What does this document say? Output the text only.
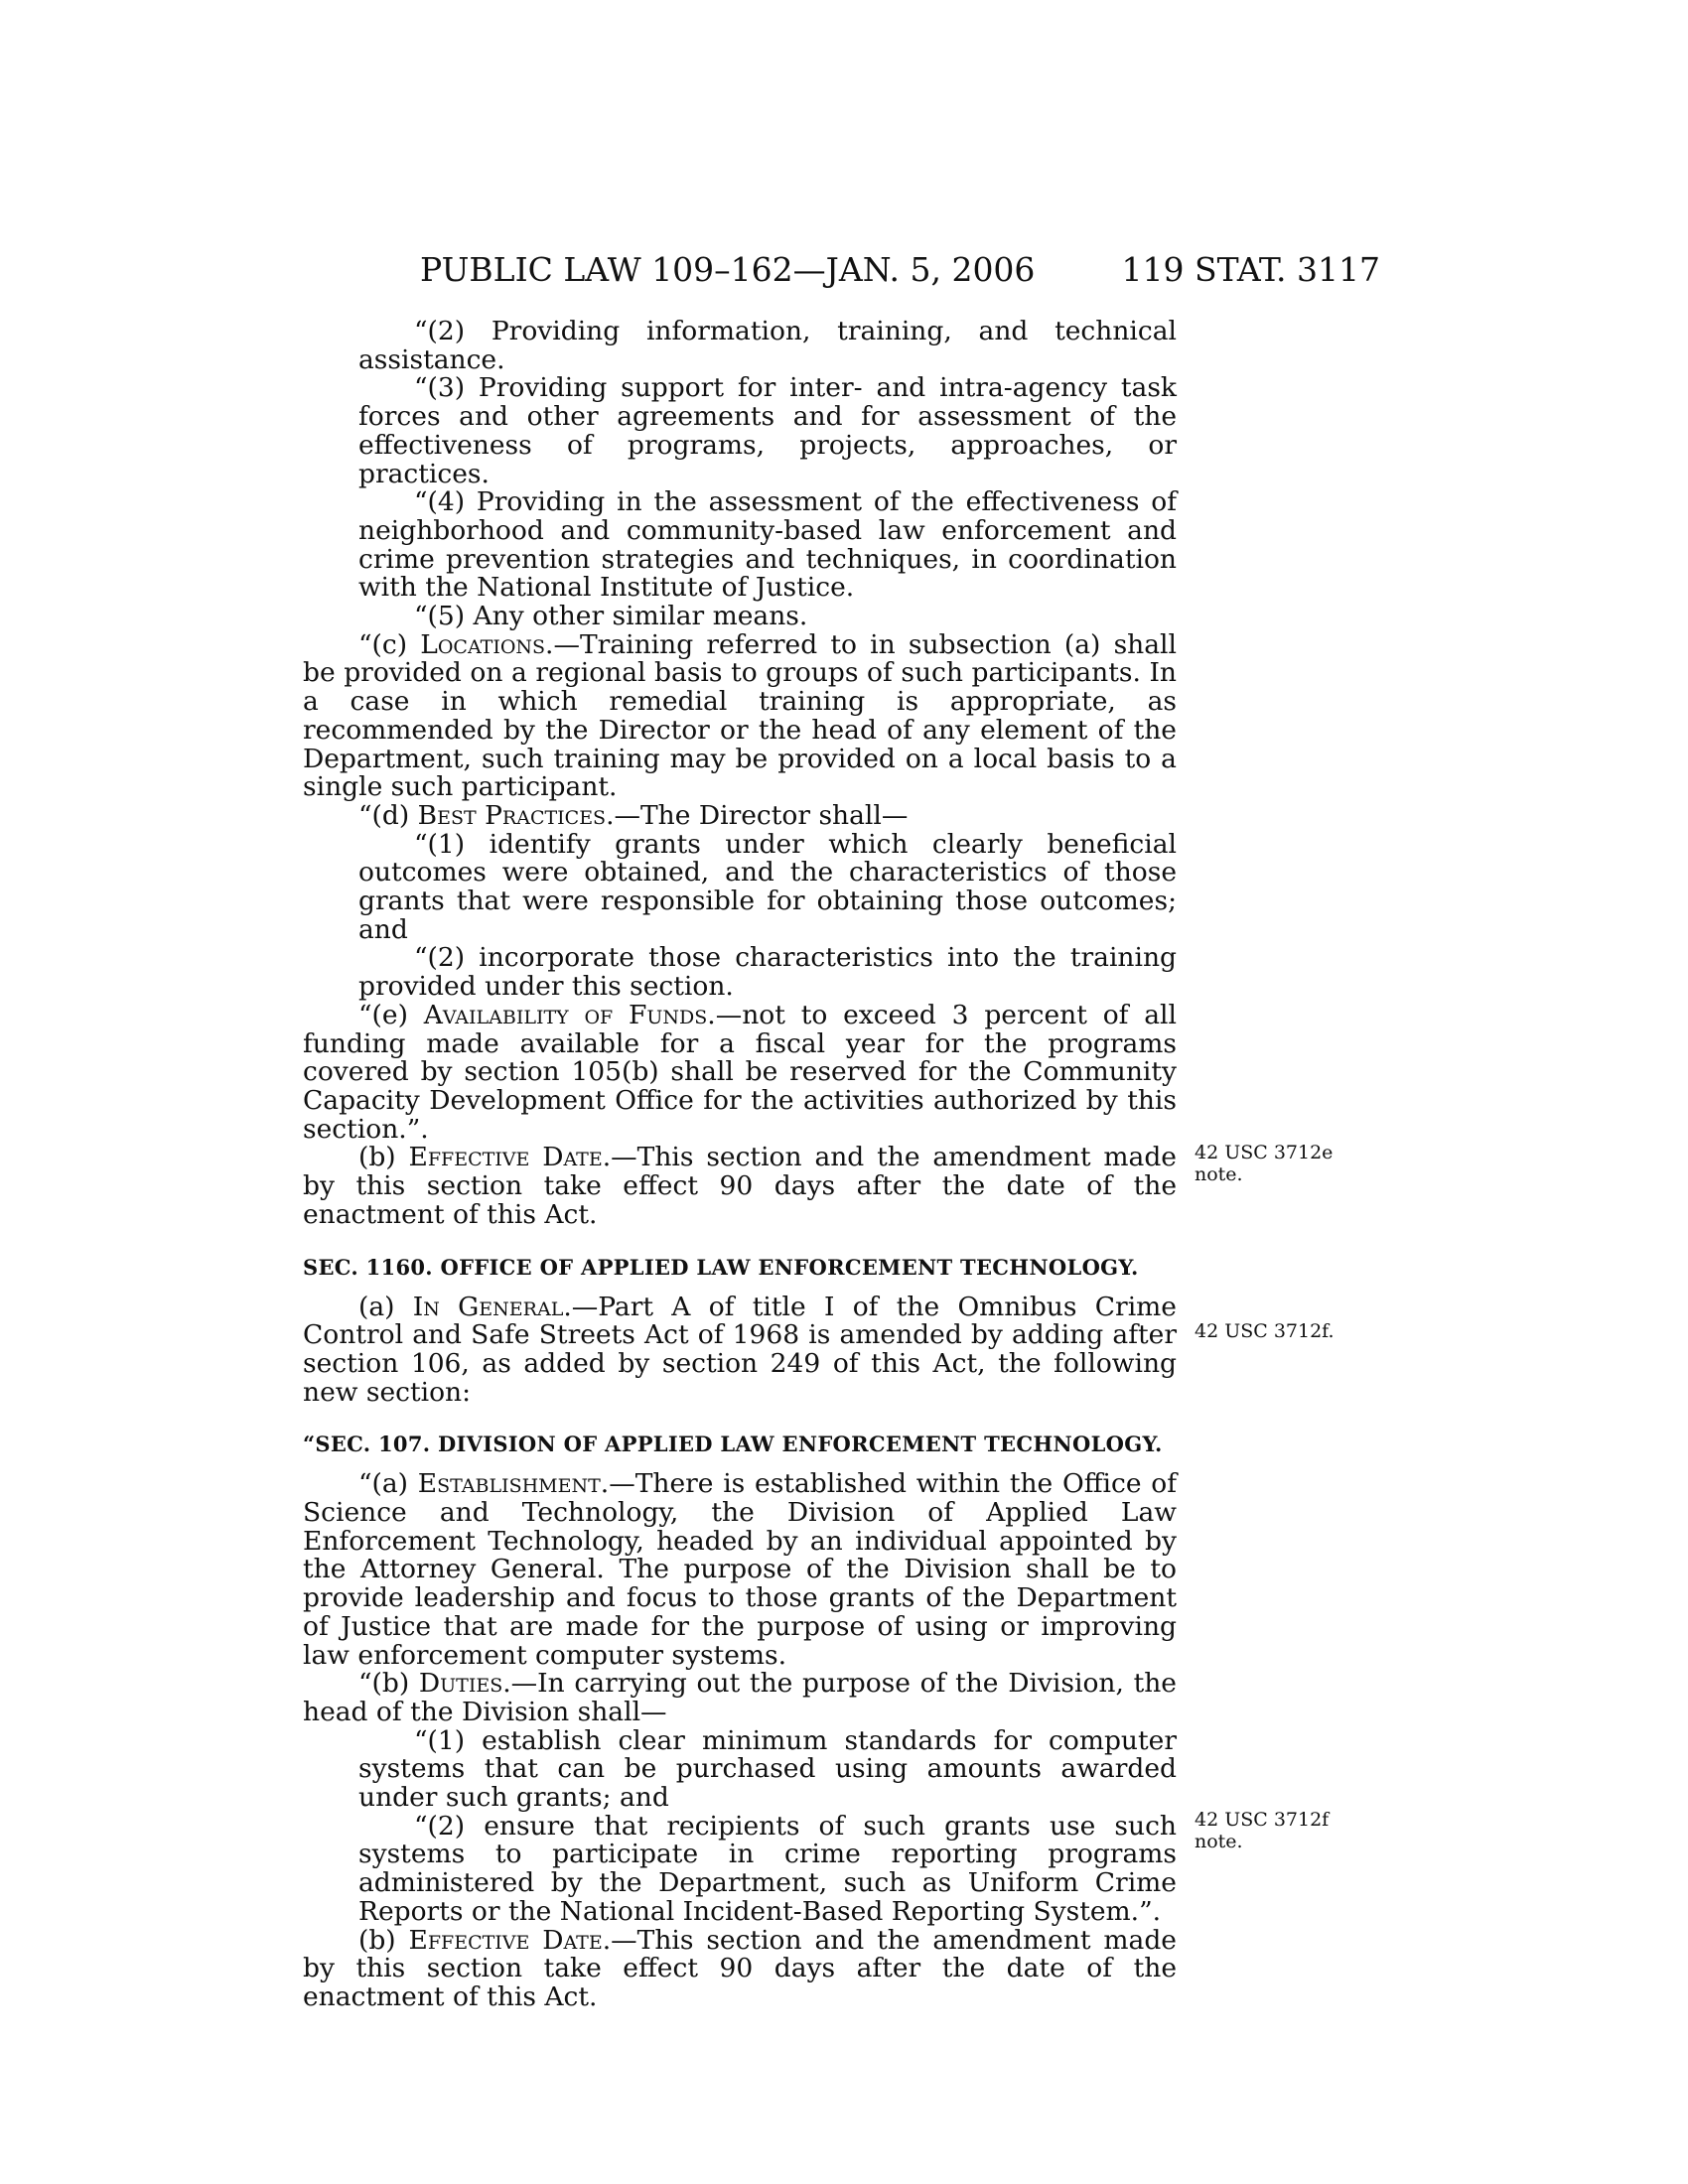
PUBLIC LAW 109–162—JAN. 5, 2006	119 STAT. 3117

“(2) Providing information, training, and technical assistance.

“(3) Providing support for inter- and intra-agency task forces and other agreements and for assessment of the effectiveness of programs, projects, approaches, or practices.

“(4) Providing in the assessment of the effectiveness of neighborhood and community-based law enforcement and crime prevention strategies and techniques, in coordination with the National Institute of Justice.

“(5) Any other similar means.

“(c) Locations.—Training referred to in subsection (a) shall be provided on a regional basis to groups of such participants. In a case in which remedial training is appropriate, as recommended by the Director or the head of any element of the Department, such training may be provided on a local basis to a single such participant.

“(d) Best Practices.—The Director shall—

“(1) identify grants under which clearly beneficial outcomes were obtained, and the characteristics of those grants that were responsible for obtaining those outcomes; and

“(2) incorporate those characteristics into the training provided under this section.

“(e) Availability of Funds.—not to exceed 3 percent of all funding made available for a fiscal year for the programs covered by section 105(b) shall be reserved for the Community Capacity Development Office for the activities authorized by this section.”.

(b) Effective Date.—This section and the amendment made by this section take effect 90 days after the date of the enactment of this Act.

SEC. 1160. OFFICE OF APPLIED LAW ENFORCEMENT TECHNOLOGY.

(a) In General.—Part A of title I of the Omnibus Crime Control and Safe Streets Act of 1968 is amended by adding after section 106, as added by section 249 of this Act, the following new section:

“SEC. 107. DIVISION OF APPLIED LAW ENFORCEMENT TECHNOLOGY.

“(a) Establishment.—There is established within the Office of Science and Technology, the Division of Applied Law Enforcement Technology, headed by an individual appointed by the Attorney General. The purpose of the Division shall be to provide leadership and focus to those grants of the Department of Justice that are made for the purpose of using or improving law enforcement computer systems.

“(b) Duties.—In carrying out the purpose of the Division, the head of the Division shall—

“(1) establish clear minimum standards for computer systems that can be purchased using amounts awarded under such grants; and

“(2) ensure that recipients of such grants use such systems to participate in crime reporting programs administered by the Department, such as Uniform Crime Reports or the National Incident-Based Reporting System.”.

(b) Effective Date.—This section and the amendment made by this section take effect 90 days after the date of the enactment of this Act.

42 USC 3712e
note.
42 USC 3712f.
42 USC 3712f
note.
